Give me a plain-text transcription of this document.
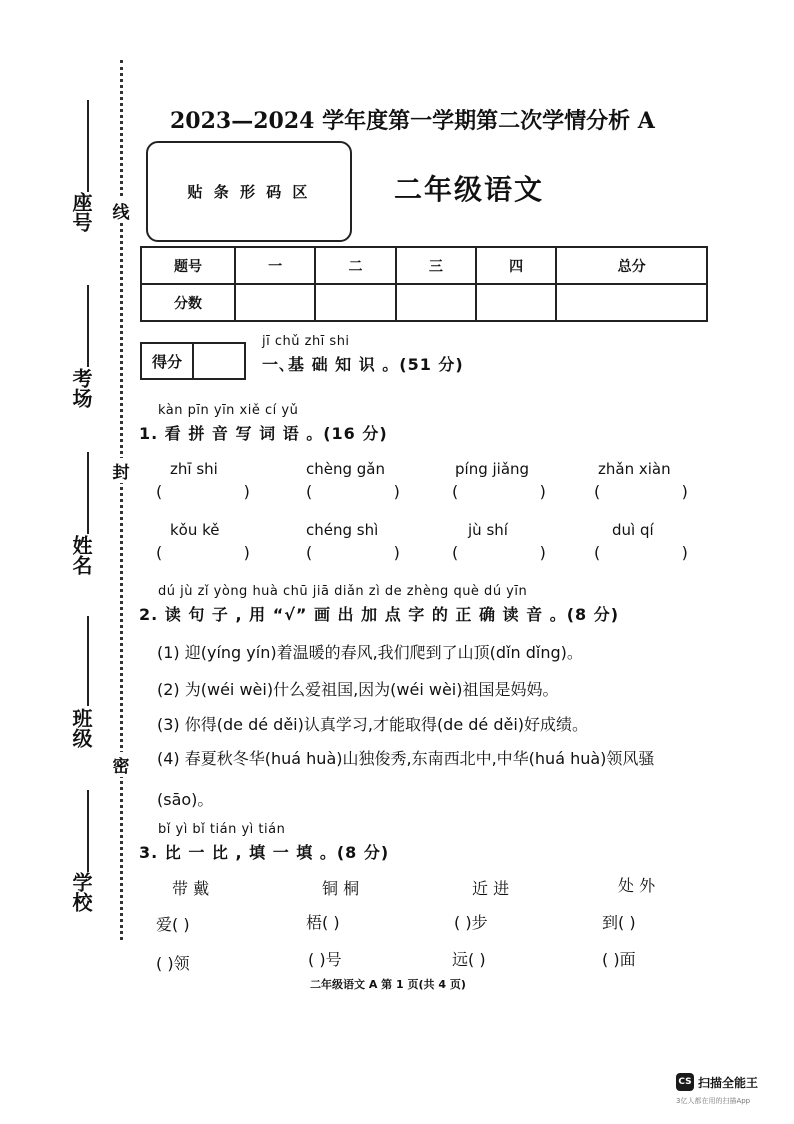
座号
考场
姓名
班级
学校
线
封
密
2023—2024 学年度第一学期第二次学情分析 A
贴 条 形 码 区	二年级语文
题号	一	二	三	四	总分
分数					
得分
jī chǔ zhī shi
一､基 础 知 识 。(51 分)
kàn pīn yīn xiě cí yǔ
1. 看 拼 音 写 词 语 。(16 分)
zhī shi	chèng gǎn	píng jiǎng	zhǎn xiàn
(                )	(                )	(                )	(                )
kǒu kě	chéng shì	jù shí	duì qí
(                )	(                )	(                )	(                )
dú jù zǐ yòng huà chū jiā diǎn zì de zhèng què dú yīn
2. 读 句 子 , 用 “√” 画 出 加 点 字 的 正 确 读 音 。(8 分)
(1) 迎(yíng yín)着温暖的春风,我们爬到了山顶(dǐn dǐng)。
(2) 为(wéi wèi)什么爱祖国,因为(wéi wèi)祖国是妈妈。
(3) 你得(de dé děi)认真学习,才能取得(de dé děi)好成绩。
(4) 春夏秋冬华(huá huà)山独俊秀,东南西北中,中华(huá huà)领风骚
(sāo)。
bǐ yì bǐ tián yì tián
3. 比 一 比 , 填 一 填 。(8 分)
带 戴	铜 桐	近 进	处 外
爱( )	梧( )	( )步	到( )
( )领	( )号	远( )	( )面
二年级语文 A 第 1 页(共 4 页)
CS 扫描全能王
3亿人都在用的扫描App
